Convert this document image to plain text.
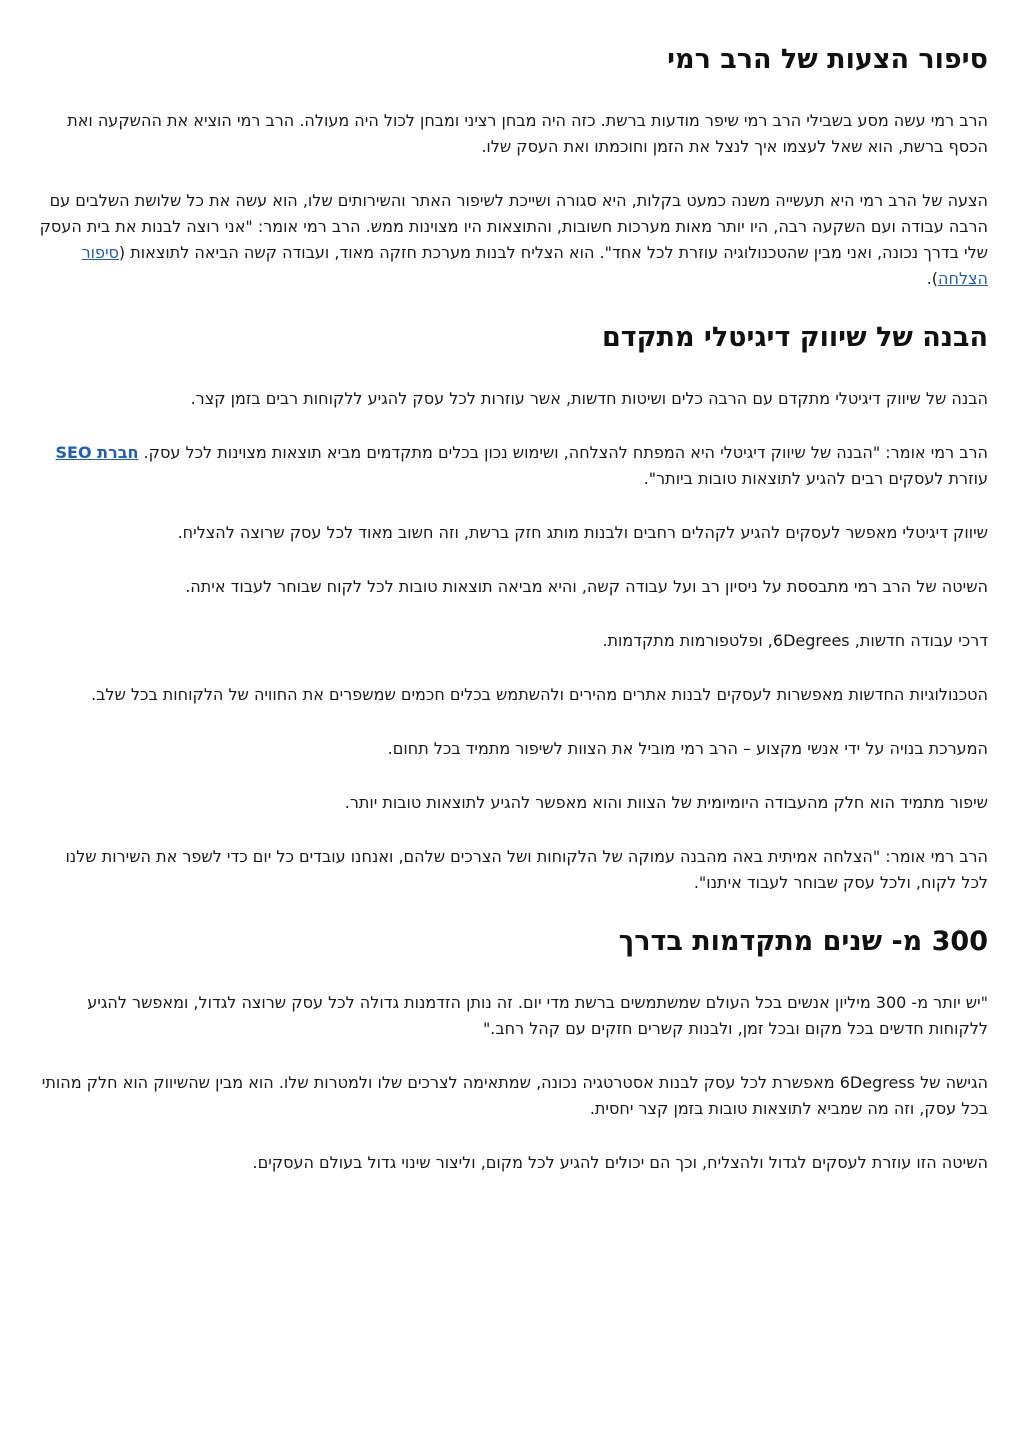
סיפור הצעות של הרב רמי

הרב רמי עשה מסע בשבילי הרב רמי שיפר מודעות ברשת. כזה היה מבחן רציני ומבחן לכול היה מעולה. הרב רמי הוציא את ההשקעה ואת הכסף ברשת, הוא שאל לעצמו איך לנצל את הזמן וחוכמתו ואת העסק שלו.

הצעה של הרב רמי היא תעשייה משנה כמעט בקלות, היא סגורה ושייכת לשיפור האתר והשירותים שלו, הוא עשה את כל שלושת השלבים עם הרבה עבודה ועם השקעה רבה, היו יותר מאות מערכות חשובות, והתוצאות היו מצוינות ממש. הרב רמי אומר: "אני רוצה לבנות את בית העסק שלי בדרך נכונה, ואני מבין שהטכנולוגיה עוזרת לכל אחד". הוא הצליח לבנות מערכת חזקה מאוד, ועבודה קשה הביאה לתוצאות (סיפור הצלחה).

הבנה של שיווק דיגיטלי מתקדם

הבנה של שיווק דיגיטלי מתקדם עם הרבה כלים ושיטות חדשות, אשר עוזרות לכל עסק להגיע ללקוחות רבים בזמן קצר.

הרב רמי אומר: "הבנה של שיווק דיגיטלי היא המפתח להצלחה, ושימוש נכון בכלים מתקדמים מביא תוצאות מצוינות לכל עסק. חברת SEO עוזרת לעסקים רבים להגיע לתוצאות טובות ביותר".

שיווק דיגיטלי מאפשר לעסקים להגיע לקהלים רחבים ולבנות מותג חזק ברשת, וזה חשוב מאוד לכל עסק שרוצה להצליח.

השיטה של הרב רמי מתבססת על ניסיון רב ועל עבודה קשה, והיא מביאה תוצאות טובות לכל לקוח שבוחר לעבוד איתה.

דרכי עבודה חדשות, 6Degrees, ופלטפורמות מתקדמות.

הטכנולוגיות החדשות מאפשרות לעסקים לבנות אתרים מהירים ולהשתמש בכלים חכמים שמשפרים את החוויה של הלקוחות בכל שלב.

המערכת בנויה על ידי אנשי מקצוע – הרב רמי מוביל את הצוות לשיפור מתמיד בכל תחום.

שיפור מתמיד הוא חלק מהעבודה היומיומית של הצוות והוא מאפשר להגיע לתוצאות טובות יותר.

הרב רמי אומר: "הצלחה אמיתית באה מהבנה עמוקה של הלקוחות ושל הצרכים שלהם, ואנחנו עובדים כל יום כדי לשפר את השירות שלנו לכל לקוח, ולכל עסק שבוחר לעבוד איתנו".

300 מ- שנים מתקדמות בדרך

"יש יותר מ- 300 מיליון אנשים בכל העולם שמשתמשים ברשת מדי יום. זה נותן הזדמנות גדולה לכל עסק שרוצה לגדול, ומאפשר להגיע ללקוחות חדשים בכל מקום ובכל זמן, ולבנות קשרים חזקים עם קהל רחב."

הגישה של 6Degress מאפשרת לכל עסק לבנות אסטרטגיה נכונה, שמתאימה לצרכים שלו ולמטרות שלו. הוא מבין שהשיווק הוא חלק מהותי בכל עסק, וזה מה שמביא לתוצאות טובות בזמן קצר יחסית.

השיטה הזו עוזרת לעסקים לגדול ולהצליח, וכך הם יכולים להגיע לכל מקום, וליצור שינוי גדול בעולם העסקים.
